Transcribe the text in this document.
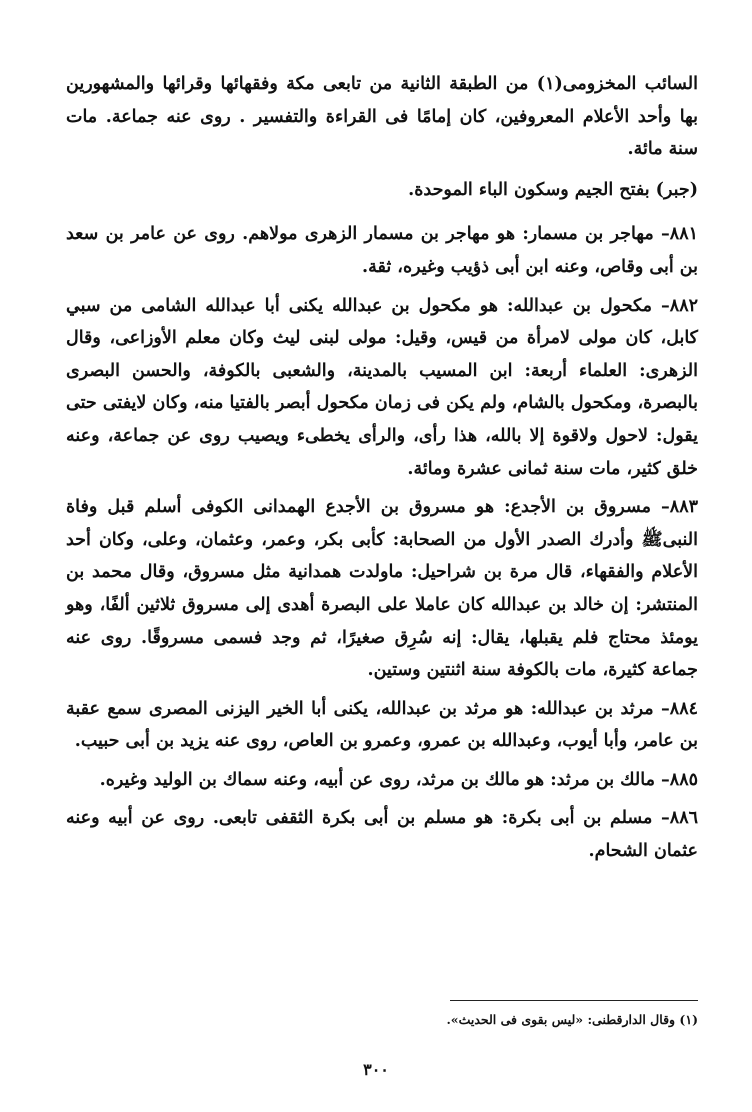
السائب المخزومى(١) من الطبقة الثانية من تابعى مكة وفقهائها وقرائها والمشهورين بها وأحد الأعلام المعروفين، كان إمامًا فى القراءة والتفسير . روى عنه جماعة. مات سنة مائة.

(جبر) بفتح الجيم وسكون الباء الموحدة.

٨٨١– مهاجر بن مسمار: هو مهاجر بن مسمار الزهرى مولاهم. روى عن عامر بن سعد بن أبى وقاص، وعنه ابن أبى ذؤيب وغيره، ثقة.

٨٨٢– مكحول بن عبدالله: هو مكحول بن عبدالله يكنى أبا عبدالله الشامى من سبي كابل، كان مولى لامرأة من قيس، وقيل: مولى لبنى ليث وكان معلم الأوزاعى، وقال الزهرى: العلماء أربعة: ابن المسيب بالمدينة، والشعبى بالكوفة، والحسن البصرى بالبصرة، ومكحول بالشام، ولم يكن فى زمان مكحول أبصر بالفتيا منه، وكان لايفتى حتى يقول: لاحول ولاقوة إلا بالله، هذا رأى، والرأى يخطىء ويصيب روى عن جماعة، وعنه خلق كثير، مات سنة ثمانى عشرة ومائة.

٨٨٣– مسروق بن الأجدع: هو مسروق بن الأجدع الهمدانى الكوفى أسلم قبل وفاة النبىﷺ وأدرك الصدر الأول من الصحابة: كأبى بكر، وعمر، وعثمان، وعلى، وكان أحد الأعلام والفقهاء، قال مرة بن شراحيل: ماولدت همدانية مثل مسروق، وقال محمد بن المنتشر: إن خالد بن عبدالله كان عاملا على البصرة أهدى إلى مسروق ثلاثين ألفًا، وهو يومئذ محتاج فلم يقبلها، يقال: إنه سُرِق صغيرًا، ثم وجد فسمى مسروقًا. روى عنه جماعة كثيرة، مات بالكوفة سنة اثنتين وستين.

٨٨٤– مرثد بن عبدالله: هو مرثد بن عبدالله، يكنى أبا الخير اليزنى المصرى سمع عقبة بن عامر، وأبا أيوب، وعبدالله بن عمرو، وعمرو بن العاص، روى عنه يزيد بن أبى حبيب.

٨٨٥– مالك بن مرثد: هو مالك بن مرثد، روى عن أبيه، وعنه سماك بن الوليد وغيره.

٨٨٦– مسلم بن أبى بكرة: هو مسلم بن أبى بكرة الثقفى تابعى. روى عن أبيه وعنه عثمان الشحام.

(١) وقال الدارقطنى: «ليس بقوى فى الحديث».
٣٠٠
